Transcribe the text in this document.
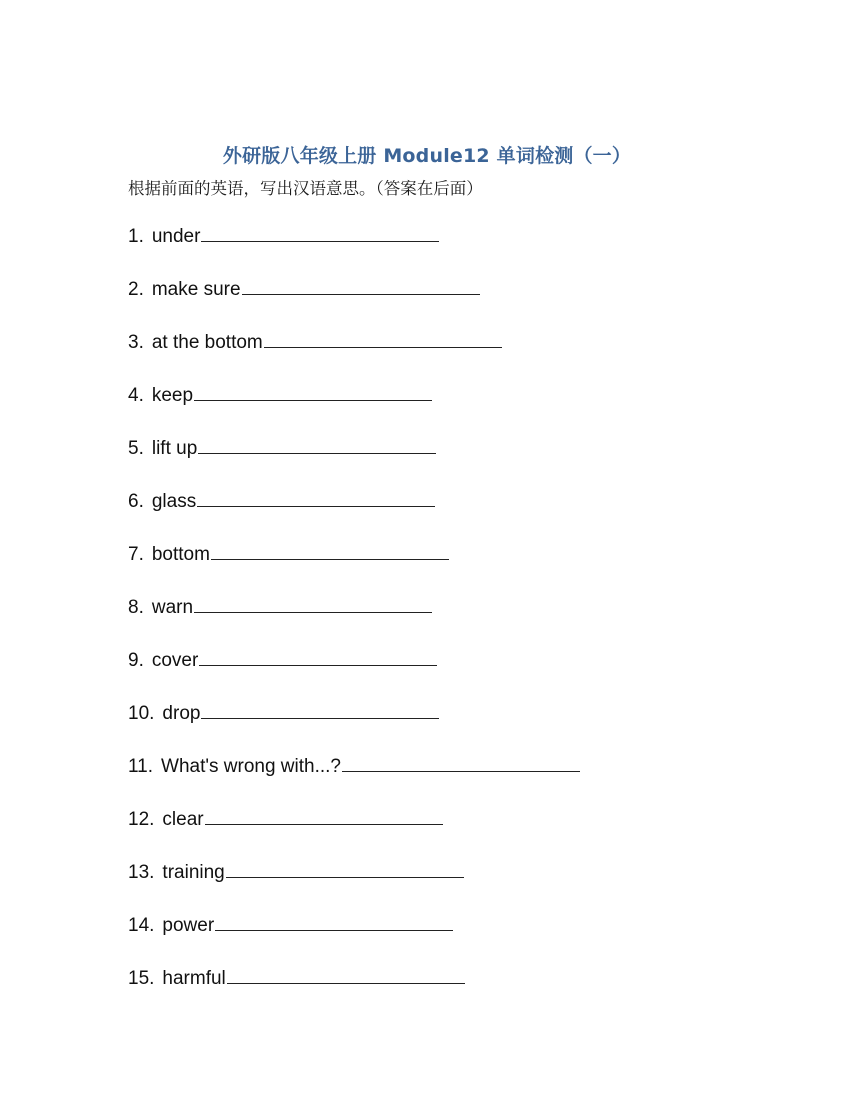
外研版八年级上册 Module12 单词检测（一）
根据前面的英语，写出汉语意思。（答案在后面）
1. under
2. make sure
3. at the bottom
4. keep
5. lift up
6. glass
7. bottom
8. warn
9. cover
10. drop
11. What's wrong with...?
12. clear
13. training
14. power
15. harmful
